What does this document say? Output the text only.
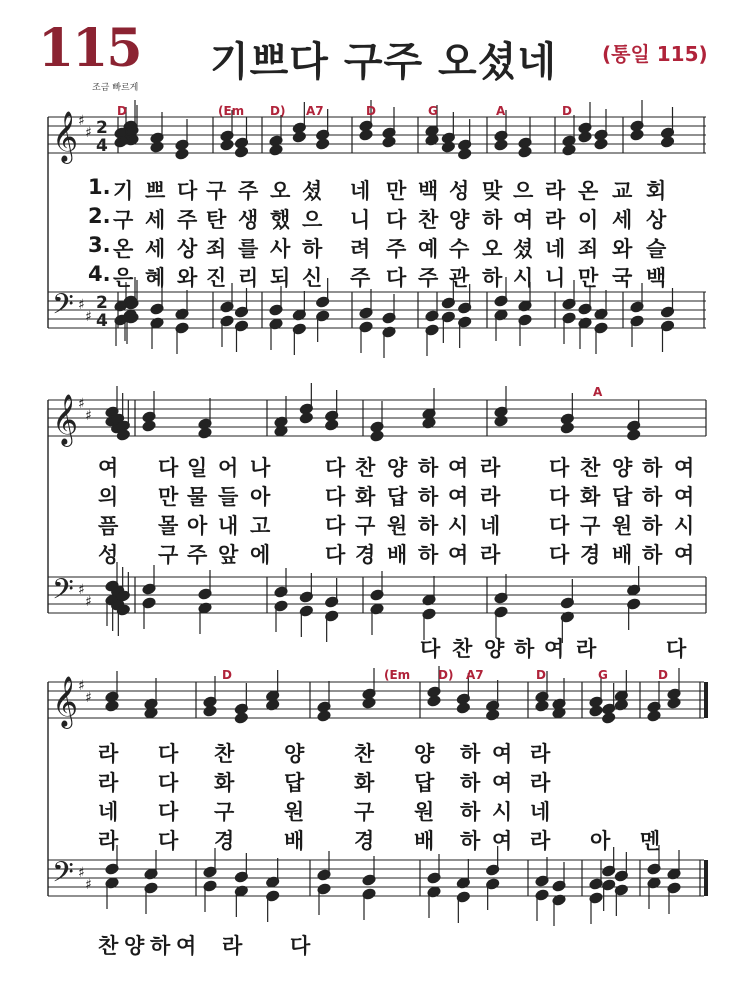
115
조금 빠르게
기쁘다 구주 오셨네 (통일 115)
𝄞
𝄢
♯
♯
♯
♯
2
4
2
4
𝄞
𝄢
♯
♯
♯
♯
𝄞
𝄢
♯
♯
♯
♯
1. 기 쁘 다 구 주 오 셨 네 만 백 성 맞 으 라 온 교 회
2. 구 세 주 탄 생 했 으 니 다 찬 양 하 여 라 이 세 상
3. 온 세 상 죄 를 사 하 려 주 예 수 오 셨 네 죄 와 슬
4. 은 혜 와 진 리 되 신 주 다 주 관 하 시 니 만 국 백
여 다 일 어 나	다 찬 양 하 여 라 다 찬 양 하 여
의 만 물 들 아	다 화 답 하 여 라 다 화 답 하 여
픔 몰 아 내 고	다 구 원 하 시 네 다 구 원 하 시
성 구 주 앞 에	다 경 배 하 여 라 다 경 배 하 여
라 다 찬 양 찬 양 하 여 라
라 다 화 답 화 답 하 여 라
네 다 구 원 구 원 하 시 네
라 다 경 배 경 배 하 여 라 아 멘
다 찬 양 하 여 라	다
찬 양 하 여 라 다
D	(Em D) A7	D	G	A	D
A
D	(Em D) A7	D	G	D
